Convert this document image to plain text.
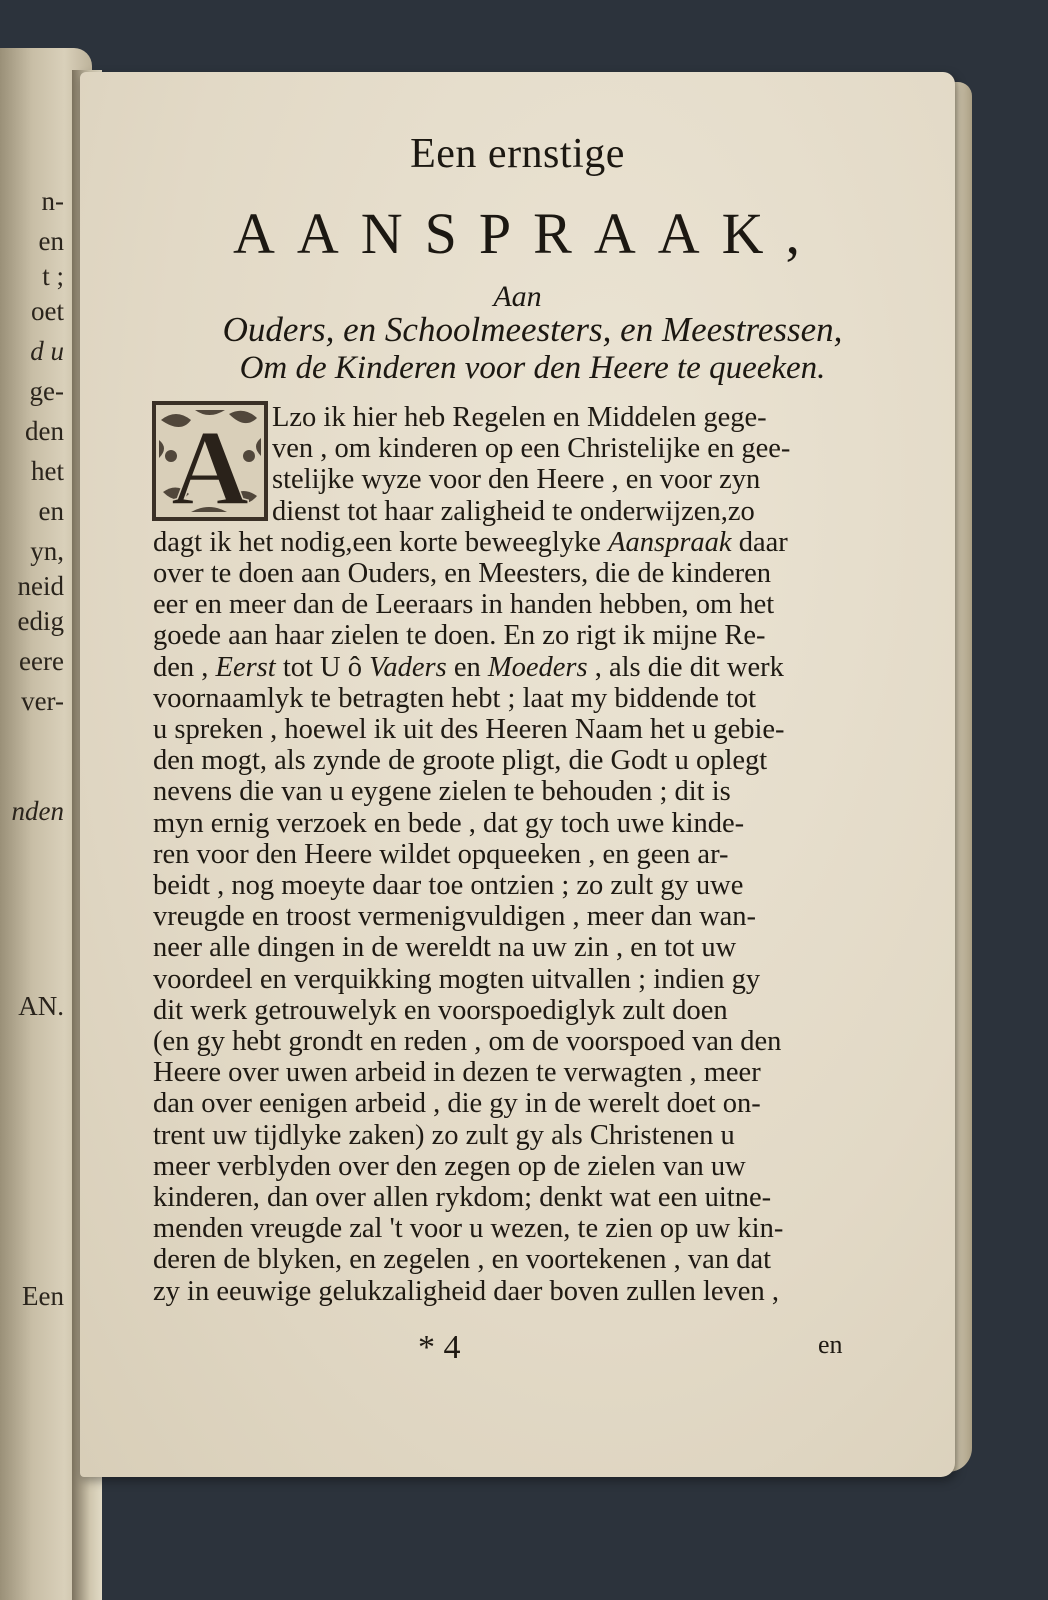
n-
en
t ;
oet
d u
ge-
den
het
en
yn,
neid
edig
eere
ver-
nden
AN.
Een
Een ernstige
AANSPRAAK,
Aan
Ouders, en Schoolmeesters, en Meestressen,
Om de Kinderen voor den Heere te queeken.
A Lzo ik hier heb Regelen en Middelen gege-
ven , om kinderen op een Christelijke en gee-
stelijke wyze voor den Heere , en voor zyn
dienst tot haar zaligheid te onderwijzen,zo
dagt ik het nodig,een korte beweeglyke Aanspraak daar
over te doen aan Ouders, en Meesters, die de kinderen
eer en meer dan de Leeraars in handen hebben, om het
goede aan haar zielen te doen. En zo rigt ik mijne Re-
den , Eerst tot U ô Vaders en Moeders , als die dit werk
voornaamlyk te betragten hebt ; laat my biddende tot
u spreken , hoewel ik uit des Heeren Naam het u gebie-
den mogt, als zynde de groote pligt, die Godt u oplegt
nevens die van u eygene zielen te behouden ; dit is
myn ernig verzoek en bede , dat gy toch uwe kinde-
ren voor den Heere wildet opqueeken , en geen ar-
beidt , nog moeyte daar toe ontzien ; zo zult gy uwe
vreugde en troost vermenigvuldigen , meer dan wan-
neer alle dingen in de wereldt na uw zin , en tot uw
voordeel en verquikking mogten uitvallen ; indien gy
dit werk getrouwelyk en voorspoediglyk zult doen
(en gy hebt grondt en reden , om de voorspoed van den
Heere over uwen arbeid in dezen te verwagten , meer
dan over eenigen arbeid , die gy in de werelt doet on-
trent uw tijdlyke zaken) zo zult gy als Christenen u
meer verblyden over den zegen op de zielen van uw
kinderen, dan over allen rykdom; denkt wat een uitne-
menden vreugde zal 't voor u wezen, te zien op uw kin-
deren de blyken, en zegelen , en voortekenen , van dat
zy in eeuwige gelukzaligheid daer boven zullen leven ,
* 4	en
